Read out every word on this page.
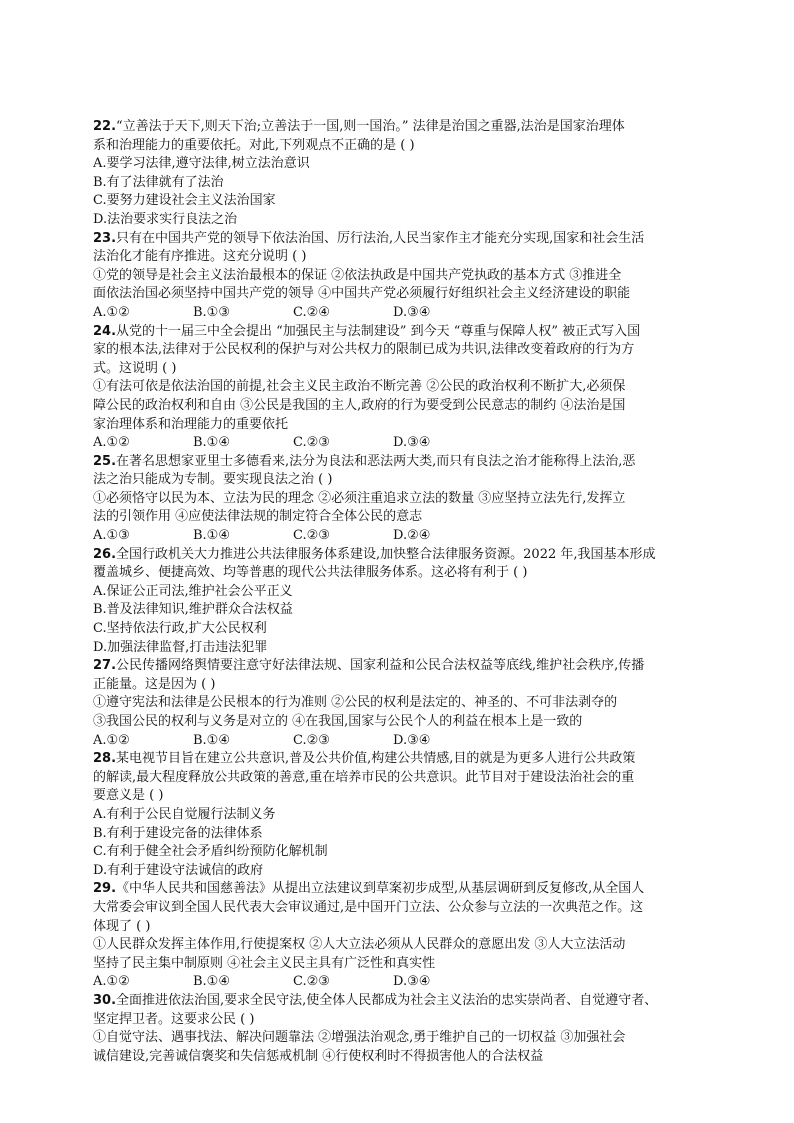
22.“立善法于天下,则天下治;立善法于一国,则一国治。” 法律是治国之重器,法治是国家治理体
系和治理能力的重要依托。对此,下列观点不正确的是 ( )
A.要学习法律,遵守法律,树立法治意识
B.有了法律就有了法治
C.要努力建设社会主义法治国家
D.法治要求实行良法之治
23.只有在中国共产党的领导下依法治国、厉行法治,人民当家作主才能充分实现,国家和社会生活
法治化才能有序推进。这充分说明 ( )
①党的领导是社会主义法治最根本的保证 ②依法执政是中国共产党执政的基本方式 ③推进全
面依法治国必须坚持中国共产党的领导 ④中国共产党必须履行好组织社会主义经济建设的职能
A.①②	B.①③	C.②④	D.③④
24.从党的十一届三中全会提出 “加强民主与法制建设” 到今天 “尊重与保障人权” 被正式写入国
家的根本法,法律对于公民权利的保护与对公共权力的限制已成为共识,法律改变着政府的行为方
式。这说明 ( )
①有法可依是依法治国的前提,社会主义民主政治不断完善 ②公民的政治权利不断扩大,必须保
障公民的政治权利和自由 ③公民是我国的主人,政府的行为要受到公民意志的制约 ④法治是国
家治理体系和治理能力的重要依托
A.①②	B.①④	C.②③	D.③④
25.在著名思想家亚里士多德看来,法分为良法和恶法两大类,而只有良法之治才能称得上法治,恶
法之治只能成为专制。要实现良法之治 ( )
①必须恪守以民为本、立法为民的理念 ②必须注重追求立法的数量 ③应坚持立法先行,发挥立
法的引领作用 ④应使法律法规的制定符合全体公民的意志
A.①③	B.①④	C.②③	D.②④
26.全国行政机关大力推进公共法律服务体系建设,加快整合法律服务资源。2022 年,我国基本形成
覆盖城乡、便捷高效、均等普惠的现代公共法律服务体系。这必将有利于 ( )
A.保证公正司法,维护社会公平正义
B.普及法律知识,维护群众合法权益
C.坚持依法行政,扩大公民权利
D.加强法律监督,打击违法犯罪
27.公民传播网络舆情要注意守好法律法规、国家利益和公民合法权益等底线,维护社会秩序,传播
正能量。这是因为 ( )
①遵守宪法和法律是公民根本的行为准则 ②公民的权利是法定的、神圣的、不可非法剥夺的
③我国公民的权利与义务是对立的 ④在我国,国家与公民个人的利益在根本上是一致的
A.①②	B.①④	C.②③	D.③④
28.某电视节目旨在建立公共意识,普及公共价值,构建公共情感,目的就是为更多人进行公共政策
的解读,最大程度释放公共政策的善意,重在培养市民的公共意识。此节目对于建设法治社会的重
要意义是 ( )
A.有利于公民自觉履行法制义务
B.有利于建设完备的法律体系
C.有利于健全社会矛盾纠纷预防化解机制
D.有利于建设守法诚信的政府
29.《中华人民共和国慈善法》从提出立法建议到草案初步成型,从基层调研到反复修改,从全国人
大常委会审议到全国人民代表大会审议通过,是中国开门立法、公众参与立法的一次典范之作。这
体现了 ( )
①人民群众发挥主体作用,行使提案权 ②人大立法必须从人民群众的意愿出发 ③人大立法活动
坚持了民主集中制原则 ④社会主义民主具有广泛性和真实性
A.①②	B.①④	C.②③	D.③④
30.全面推进依法治国,要求全民守法,使全体人民都成为社会主义法治的忠实崇尚者、自觉遵守者、
坚定捍卫者。这要求公民 ( )
①自觉守法、遇事找法、解决问题靠法 ②增强法治观念,勇于维护自己的一切权益 ③加强社会
诚信建设,完善诚信褒奖和失信惩戒机制 ④行使权利时不得损害他人的合法权益
